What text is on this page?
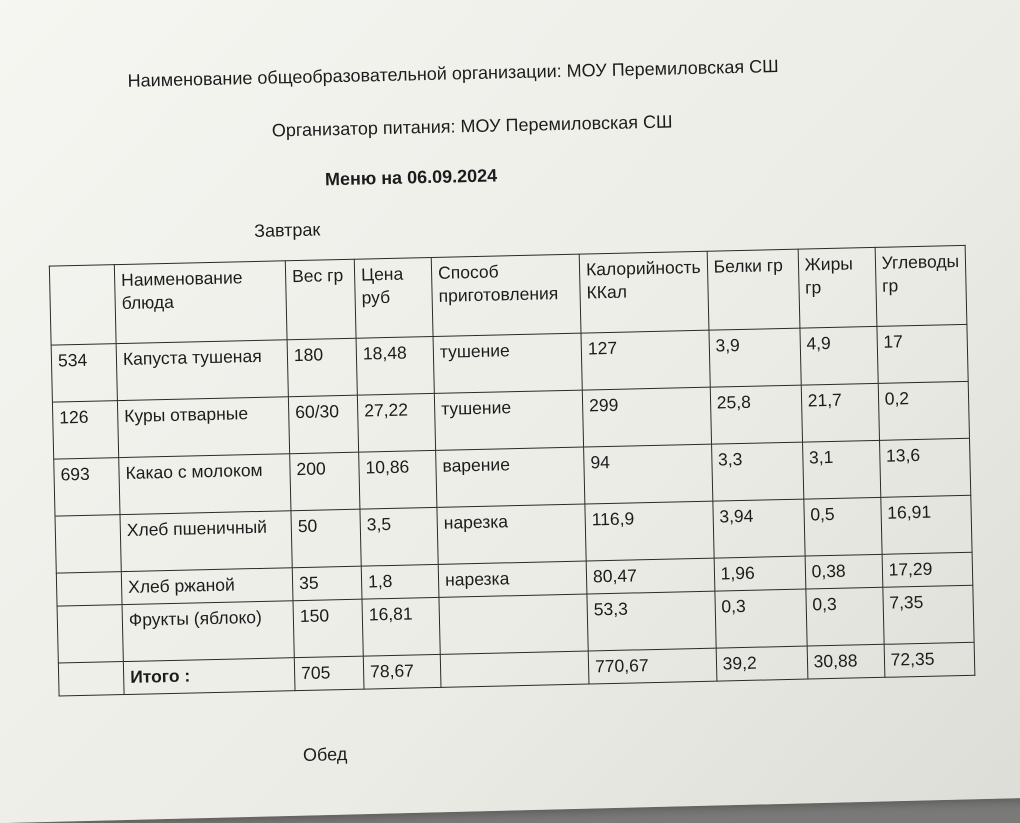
Наименование общеобразовательной организации: МОУ Перемиловская СШ
Организатор питания: МОУ Перемиловская СШ
Меню на 06.09.2024
Завтрак
	Наименование блюда	Вес гр	Цена руб	Способ приготовления	Калорийность ККал	Белки гр	Жиры гр	Углеводы гр
534	Капуста тушеная	180	18,48	тушение	127	3,9	4,9	17
126	Куры отварные	60/30	27,22	тушение	299	25,8	21,7	0,2
693	Какао с молоком	200	10,86	варение	94	3,3	3,1	13,6
	Хлеб пшеничный	50	3,5	нарезка	116,9	3,94	0,5	16,91
	Хлеб ржаной	35	1,8	нарезка	80,47	1,96	0,38	17,29
	Фрукты (яблоко)	150	16,81		53,3	0,3	0,3	7,35
	Итого :	705	78,67		770,67	39,2	30,88	72,35
Обед
